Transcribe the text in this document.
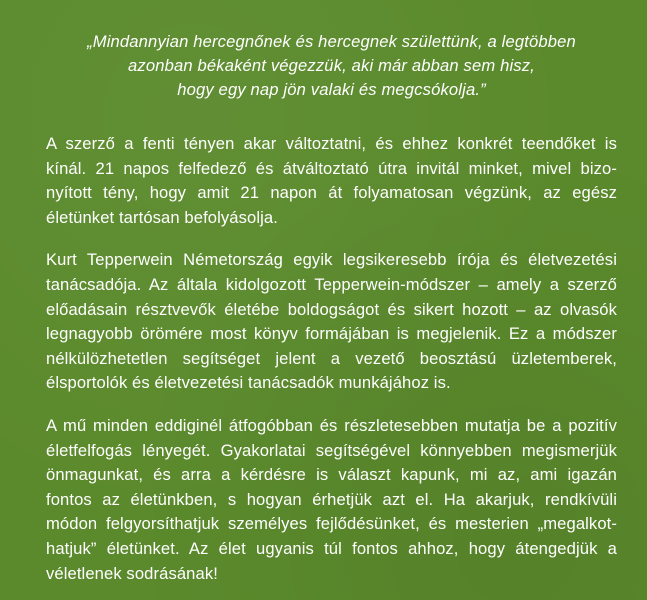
„Mindannyian hercegnőnek és hercegnek születtünk, a legtöbben
azonban békaként végezzük, aki már abban sem hisz,
hogy egy nap jön valaki és megcsókolja.”
A szerző a fenti tényen akar változtatni, és ehhez konkrét teendőket is
kínál. 21 napos felfedező és átváltoztató útra invitál minket, mivel bizo-
nyított tény, hogy amit 21 napon át folyamatosan végzünk, az egész
életünket tartósan befolyásolja.
Kurt Tepperwein Németország egyik legsikeresebb írója és életvezetési
tanácsadója. Az általa kidolgozott Tepperwein-módszer – amely a szerző
előadásain résztvevők életébe boldogságot és sikert hozott – az olvasók
legnagyobb örömére most könyv formájában is megjelenik. Ez a módszer
nélkülözhetetlen segítséget jelent a vezető beosztású üzletemberek,
élsportolók és életvezetési tanácsadók munkájához is.
A mű minden eddiginél átfogóbban és részletesebben mutatja be a pozitív
életfelfogás lényegét. Gyakorlatai segítségével könnyebben megismerjük
önmagunkat, és arra a kérdésre is választ kapunk, mi az, ami igazán
fontos az életünkben, s hogyan érhetjük azt el. Ha akarjuk, rendkívüli
módon felgyorsíthatjuk személyes fejlődésünket, és mesterien „megalkot-
hatjuk” életünket. Az élet ugyanis túl fontos ahhoz, hogy átengedjük a
véletlenek sodrásának!
